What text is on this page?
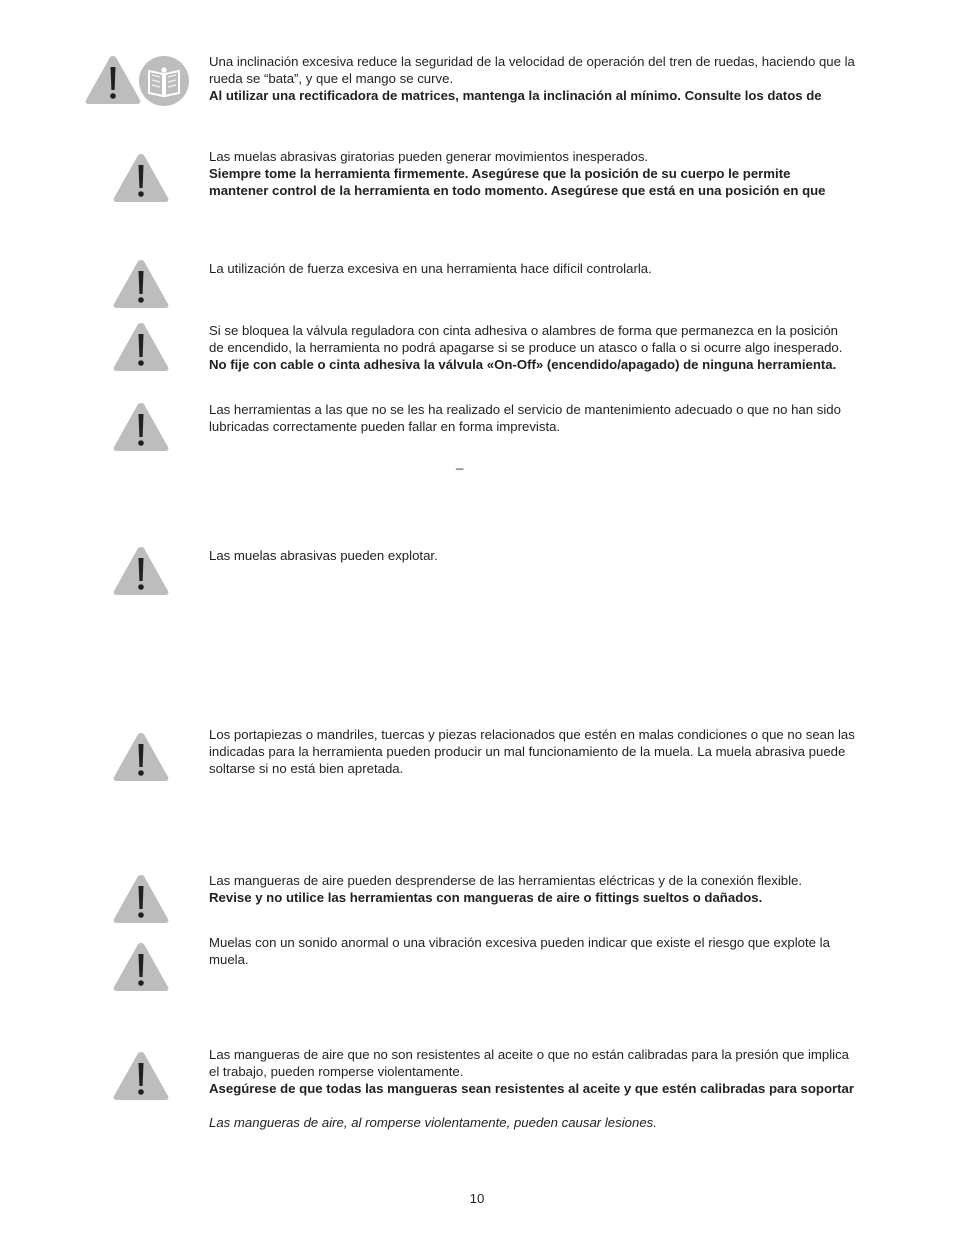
Una inclinación excesiva reduce la seguridad de la velocidad de operación del tren de ruedas, haciendo que la

rueda se “bata”, y que el mango se curve.

Al utilizar una rectificadora de matrices, mantenga la inclinación al mínimo. Consulte los datos de

Las muelas abrasivas giratorias pueden generar movimientos inesperados.

Siempre tome la herramienta firmemente. Asegúrese que la posición de su cuerpo le permite

mantener control de la herramienta en todo momento. Asegúrese que está en una posición en que

La utilización de fuerza excesiva en una herramienta hace difícil controlarla.

Si se bloquea la válvula reguladora con cinta adhesiva o alambres de forma que permanezca en la posición

de encendido, la herramienta no podrá apagarse si se produce un atasco o falla o si ocurre algo inesperado.

No fije con cable o cinta adhesiva la válvula «On-Off» (encendido/apagado) de ninguna herramienta.

Las herramientas a las que no se les ha realizado el servicio de mantenimiento adecuado o que no han sido

lubricadas correctamente pueden fallar en forma imprevista.

_

Las muelas abrasivas pueden explotar.

Los portapiezas o mandriles, tuercas y piezas relacionados que estén en malas condiciones o que no sean las

indicadas para la herramienta pueden producir un mal funcionamiento de la muela. La muela abrasiva puede

soltarse si no está bien apretada.

Las mangueras de aire pueden desprenderse de las herramientas eléctricas y de la conexión flexible.

Revise y no utilice las herramientas con mangueras de aire o fittings sueltos o dañados.

Muelas con un sonido anormal o una vibración excesiva pueden indicar que existe el riesgo que explote la

muela.

Las mangueras de aire que no son resistentes al aceite o que no están calibradas para la presión que implica

el trabajo, pueden romperse violentamente.

Asegúrese de que todas las mangueras sean resistentes al aceite y que estén calibradas para soportar

Las mangueras de aire, al romperse violentamente, pueden causar lesiones.

10
